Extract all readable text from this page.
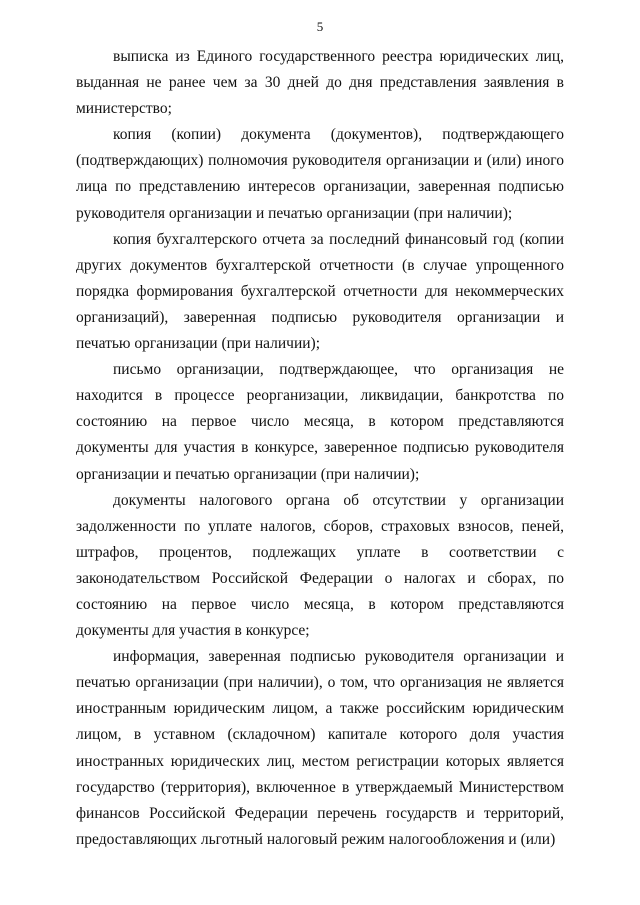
5

выписка из Единого государственного реестра юридических лиц, выданная не ранее чем за 30 дней до дня представления заявления в министерство;

копия (копии) документа (документов), подтверждающего (подтверждающих) полномочия руководителя организации и (или) иного лица по представлению интересов организации, заверенная подписью руководителя организации и печатью организации (при наличии);

копия бухгалтерского отчета за последний финансовый год (копии других документов бухгалтерской отчетности (в случае упрощенного порядка формирования бухгалтерской отчетности для некоммерческих организаций), заверенная подписью руководителя организации и печатью организации (при наличии);

письмо организации, подтверждающее, что организация не находится в процессе реорганизации, ликвидации, банкротства по состоянию на первое число месяца, в котором представляются документы для участия в конкурсе, заверенное подписью руководителя организации и печатью организации (при наличии);

документы налогового органа об отсутствии у организации задолженности по уплате налогов, сборов, страховых взносов, пеней, штрафов, процентов, подлежащих уплате в соответствии с законодательством Российской Федерации о налогах и сборах, по состоянию на первое число месяца, в котором представляются документы для участия в конкурсе;

информация, заверенная подписью руководителя организации и печатью организации (при наличии), о том, что организация не является иностранным юридическим лицом, а также российским юридическим лицом, в уставном (складочном) капитале которого доля участия иностранных юридических лиц, местом регистрации которых является государство (территория), включенное в утверждаемый Министерством финансов Российской Федерации перечень государств и территорий, предоставляющих льготный налоговый режим налогообложения и (или)
